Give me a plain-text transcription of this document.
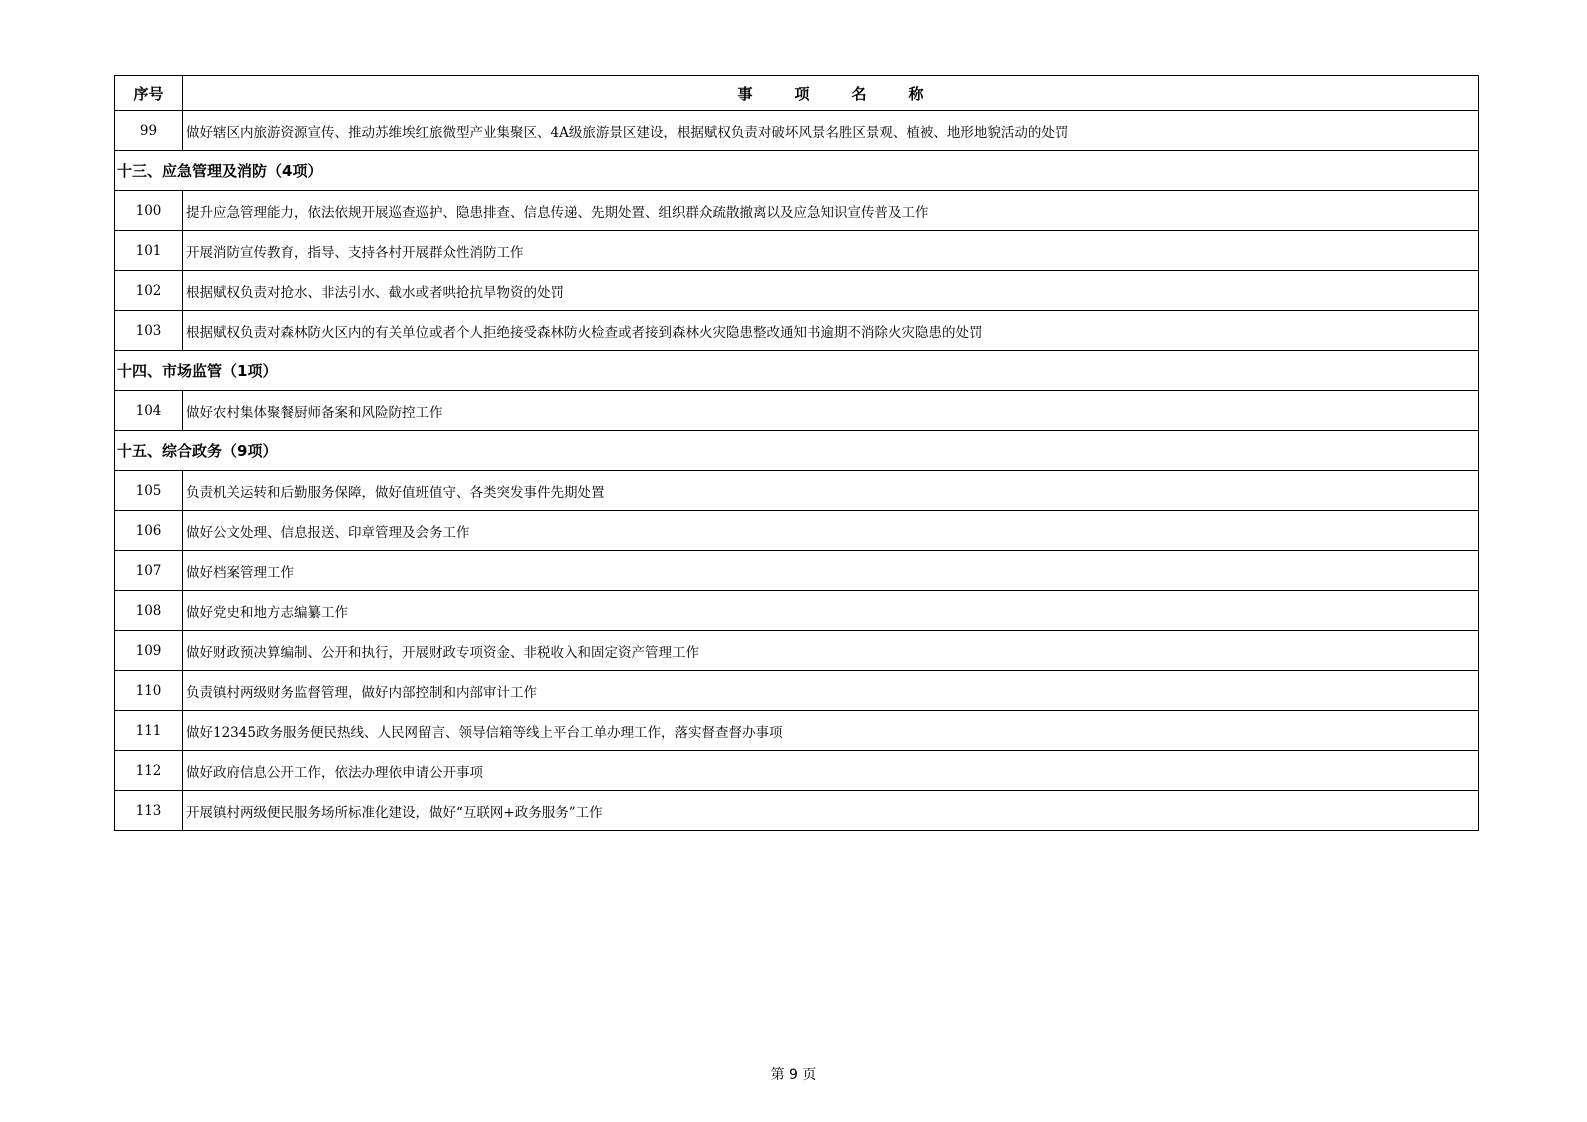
序号	事项名称
99	做好辖区内旅游资源宣传、推动苏维埃红旅微型产业集聚区、4A级旅游景区建设，根据赋权负责对破坏风景名胜区景观、植被、地形地貌活动的处罚
十三、应急管理及消防（4项）	
100	提升应急管理能力，依法依规开展巡查巡护、隐患排查、信息传递、先期处置、组织群众疏散撤离以及应急知识宣传普及工作
101	开展消防宣传教育，指导、支持各村开展群众性消防工作
102	根据赋权负责对抢水、非法引水、截水或者哄抢抗旱物资的处罚
103	根据赋权负责对森林防火区内的有关单位或者个人拒绝接受森林防火检查或者接到森林火灾隐患整改通知书逾期不消除火灾隐患的处罚
十四、市场监管（1项）	
104	做好农村集体聚餐厨师备案和风险防控工作
十五、综合政务（9项）	
105	负责机关运转和后勤服务保障，做好值班值守、各类突发事件先期处置
106	做好公文处理、信息报送、印章管理及会务工作
107	做好档案管理工作
108	做好党史和地方志编纂工作
109	做好财政预决算编制、公开和执行，开展财政专项资金、非税收入和固定资产管理工作
110	负责镇村两级财务监督管理，做好内部控制和内部审计工作
111	做好12345政务服务便民热线、人民网留言、领导信箱等线上平台工单办理工作，落实督查督办事项
112	做好政府信息公开工作，依法办理依申请公开事项
113	开展镇村两级便民服务场所标准化建设，做好“互联网+政务服务”工作
第 9 页
